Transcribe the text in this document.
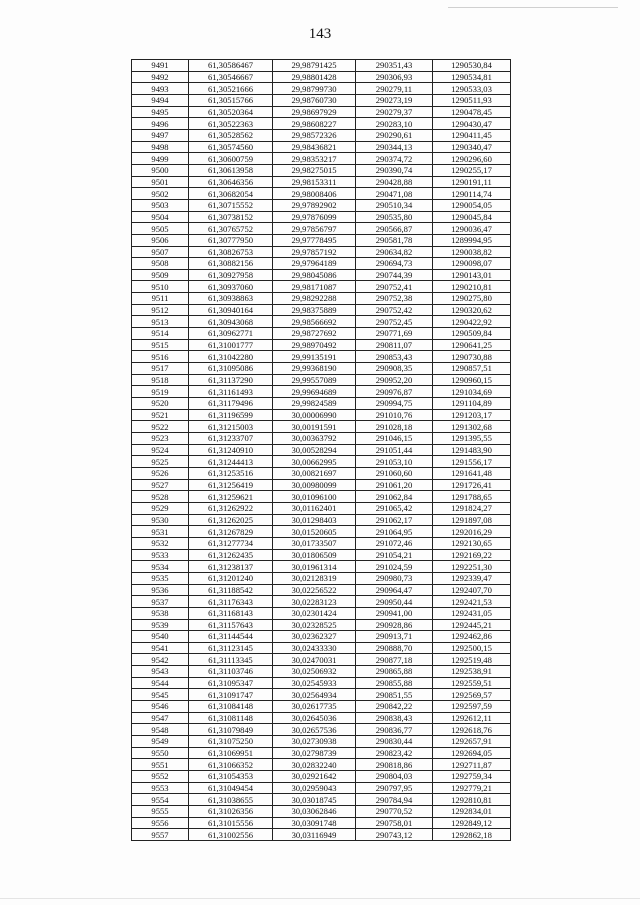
143
9491	61,30586467	29,98791425	290351,43	1290530,84
9492	61,30546667	29,98801428	290306,93	1290534,81
9493	61,30521666	29,98799730	290279,11	1290533,03
9494	61,30515766	29,98760730	290273,19	1290511,93
9495	61,30520364	29,98697929	290279,37	1290478,45
9496	61,30522363	29,98608227	290283,10	1290430,47
9497	61,30528562	29,98572326	290290,61	1290411,45
9498	61,30574560	29,98436821	290344,13	1290340,47
9499	61,30600759	29,98353217	290374,72	1290296,60
9500	61,30613958	29,98275015	290390,74	1290255,17
9501	61,30646356	29,98153311	290428,88	1290191,11
9502	61,30682054	29,98008406	290471,08	1290114,74
9503	61,30715552	29,97892902	290510,34	1290054,05
9504	61,30738152	29,97876099	290535,80	1290045,84
9505	61,30765752	29,97856797	290566,87	1290036,47
9506	61,30777950	29,97778495	290581,78	1289994,95
9507	61,30826753	29,97857192	290634,82	1290038,82
9508	61,30882156	29,97964189	290694,73	1290098,07
9509	61,30927958	29,98045086	290744,39	1290143,01
9510	61,30937060	29,98171087	290752,41	1290210,81
9511	61,30938863	29,98292288	290752,38	1290275,80
9512	61,30940164	29,98375889	290752,42	1290320,62
9513	61,30943068	29,98566692	290752,45	1290422,92
9514	61,30962771	29,98727692	290771,69	1290509,84
9515	61,31001777	29,98970492	290811,07	1290641,25
9516	61,31042280	29,99135191	290853,43	1290730,88
9517	61,31095086	29,99368190	290908,35	1290857,51
9518	61,31137290	29,99557089	290952,20	1290960,15
9519	61,31161493	29,99694689	290976,87	1291034,69
9520	61,31179496	29,99824589	290994,75	1291104,89
9521	61,31196599	30,00006990	291010,76	1291203,17
9522	61,31215003	30,00191591	291028,18	1291302,68
9523	61,31233707	30,00363792	291046,15	1291395,55
9524	61,31240910	30,00528294	291051,44	1291483,90
9525	61,31244413	30,00662995	291053,10	1291556,17
9526	61,31253516	30,00821697	291060,60	1291641,48
9527	61,31256419	30,00980099	291061,20	1291726,41
9528	61,31259621	30,01096100	291062,84	1291788,65
9529	61,31262922	30,01162401	291065,42	1291824,27
9530	61,31262025	30,01298403	291062,17	1291897,08
9531	61,31267829	30,01520605	291064,95	1292016,29
9532	61,31277734	30,01733507	291072,46	1292130,65
9533	61,31262435	30,01806509	291054,21	1292169,22
9534	61,31238137	30,01961314	291024,59	1292251,30
9535	61,31201240	30,02128319	290980,73	1292339,47
9536	61,31188542	30,02256522	290964,47	1292407,70
9537	61,31176343	30,02283123	290950,44	1292421,53
9538	61,31168143	30,02301424	290941,00	1292431,05
9539	61,31157643	30,02328525	290928,86	1292445,21
9540	61,31144544	30,02362327	290913,71	1292462,86
9541	61,31123145	30,02433330	290888,70	1292500,15
9542	61,31113345	30,02470031	290877,18	1292519,48
9543	61,31103746	30,02506932	290865,88	1292538,91
9544	61,31095347	30,02545933	290855,88	1292559,51
9545	61,31091747	30,02564934	290851,55	1292569,57
9546	61,31084148	30,02617735	290842,22	1292597,59
9547	61,31081148	30,02645036	290838,43	1292612,11
9548	61,31079849	30,02657536	290836,77	1292618,76
9549	61,31075250	30,02730938	290830,44	1292657,91
9550	61,31069951	30,02798739	290823,42	1292694,05
9551	61,31066352	30,02832240	290818,86	1292711,87
9552	61,31054353	30,02921642	290804,03	1292759,34
9553	61,31049454	30,02959043	290797,95	1292779,21
9554	61,31038655	30,03018745	290784,94	1292810,81
9555	61,31026356	30,03062846	290770,52	1292834,01
9556	61,31015556	30,03091748	290758,01	1292849,12
9557	61,31002556	30,03116949	290743,12	1292862,18
